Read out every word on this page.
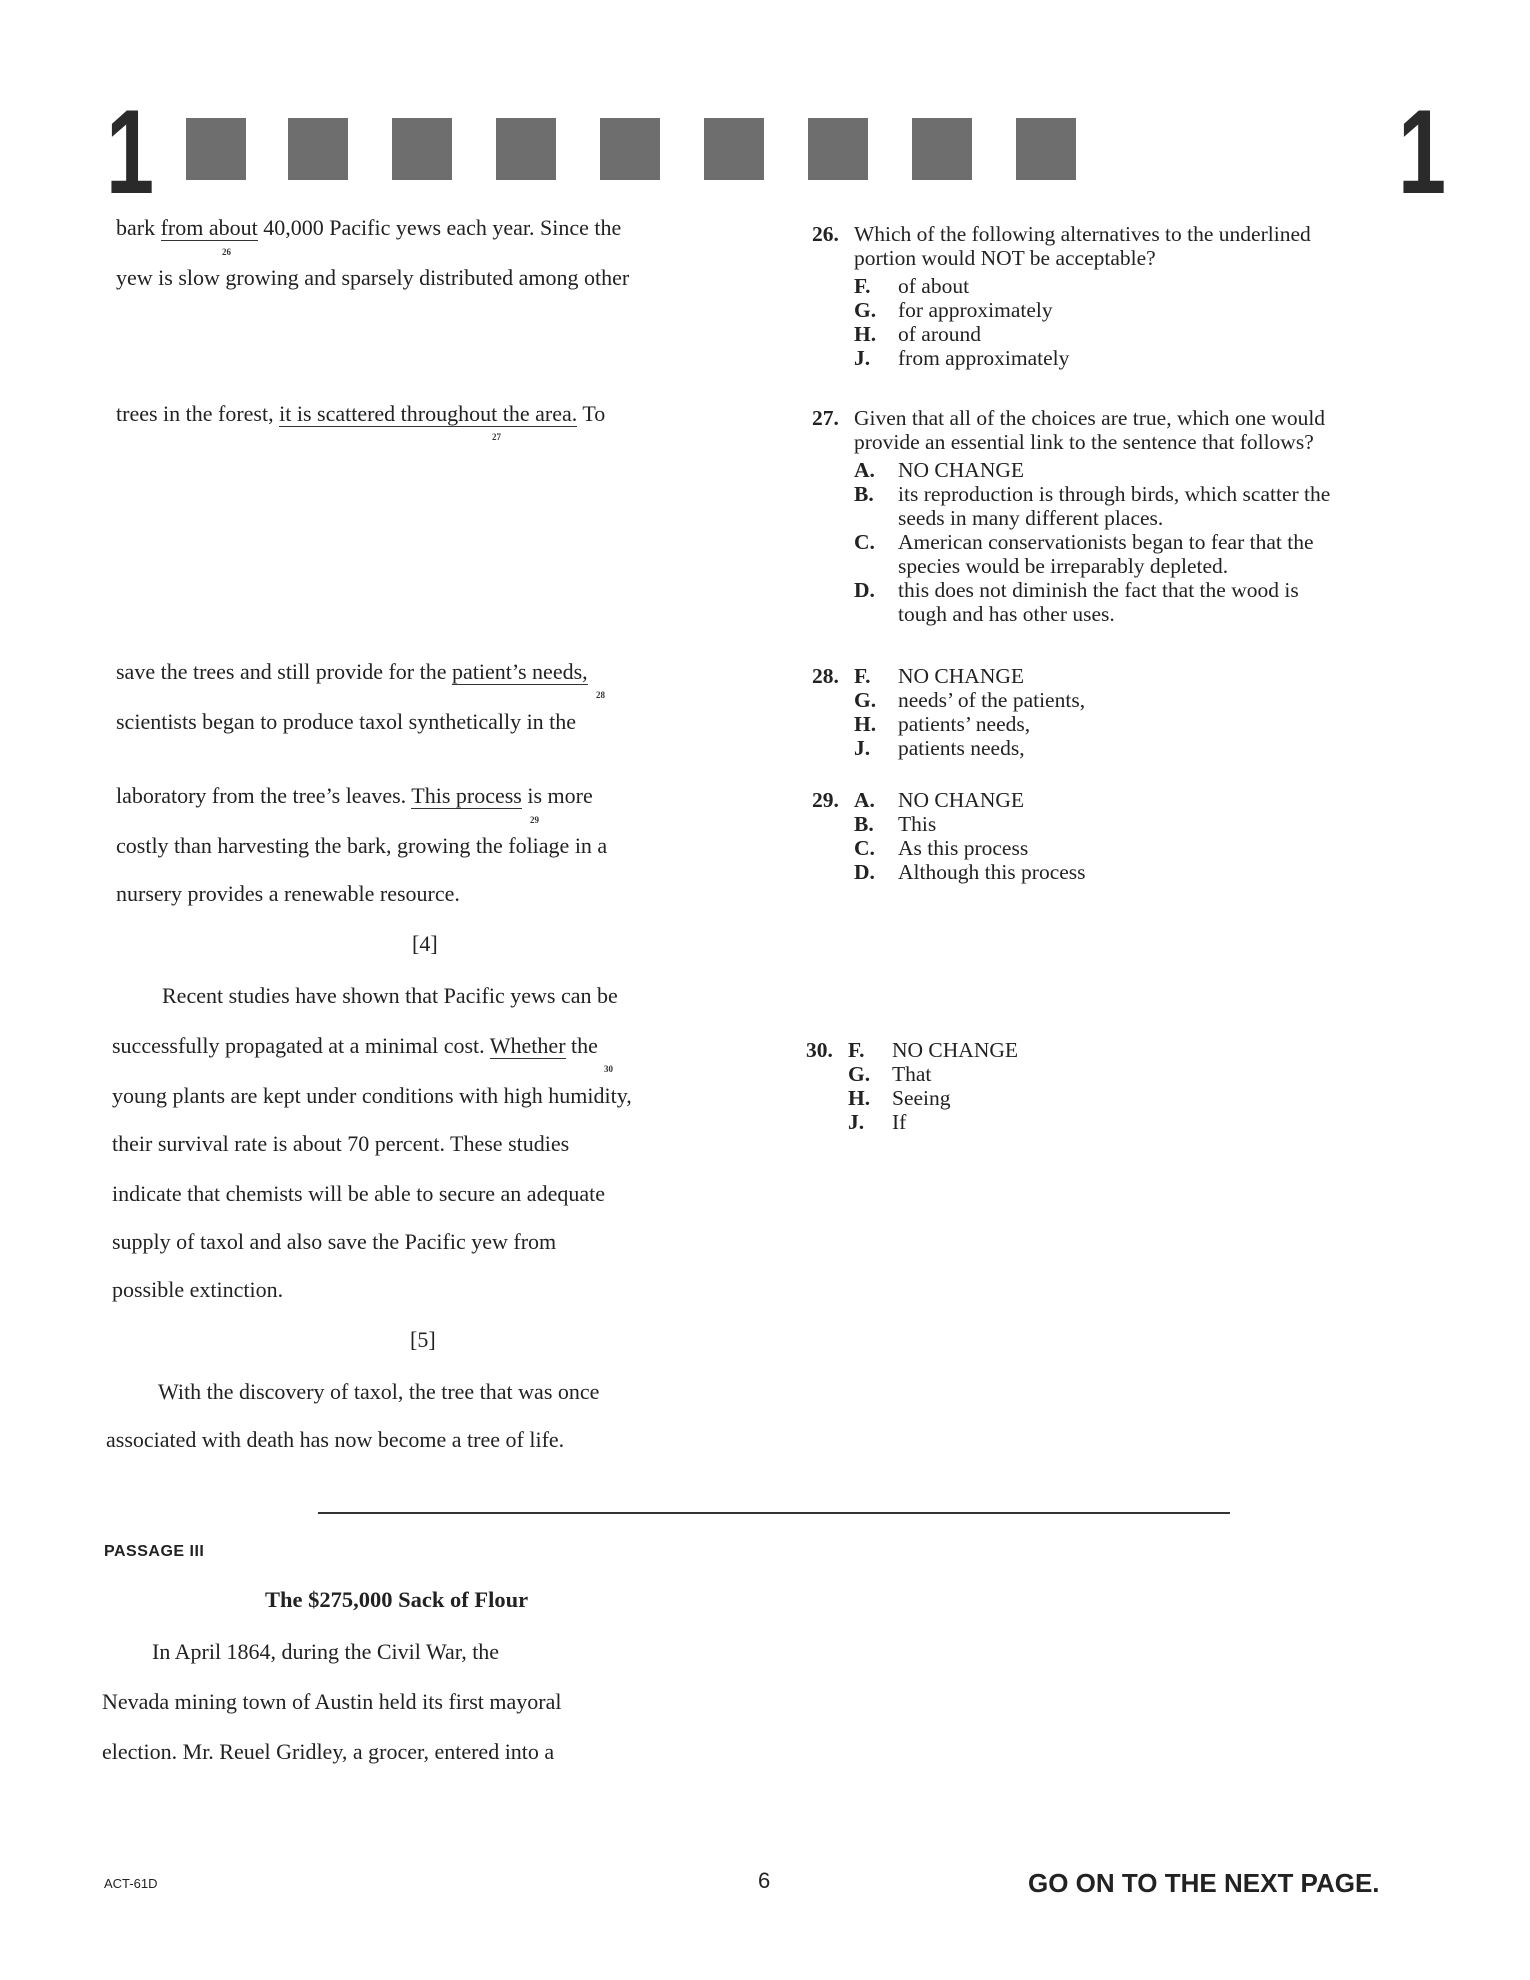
1	1
bark from about 40,000 Pacific yews each year. Since the
26
yew is slow growing and sparsely distributed among other
trees in the forest, it is scattered throughout the area. To
27
save the trees and still provide for the patient’s needs,
28
scientists began to produce taxol synthetically in the
laboratory from the tree’s leaves. This process is more
29
costly than harvesting the bark, growing the foliage in a
nursery provides a renewable resource.
[4]
Recent studies have shown that Pacific yews can be
successfully propagated at a minimal cost. Whether the
30
young plants are kept under conditions with high humidity,
their survival rate is about 70 percent. These studies
indicate that chemists will be able to secure an adequate
supply of taxol and also save the Pacific yew from
possible extinction.
[5]
With the discovery of taxol, the tree that was once
associated with death has now become a tree of life.
26. Which of the following alternatives to the underlined
portion would NOT be acceptable?
F.	of about
G.	for approximately
H.	of around
J.	from approximately
27. Given that all of the choices are true, which one would
provide an essential link to the sentence that follows?
A.	NO CHANGE
B.	its reproduction is through birds, which scatter the
seeds in many different places.
C.	American conservationists began to fear that the
species would be irreparably depleted.
D.	this does not diminish the fact that the wood is
tough and has other uses.
28. F.	NO CHANGE
G.	needs’ of the patients,
H.	patients’ needs,
J.	patients needs,
29. A.	NO CHANGE
B.	This
C.	As this process
D.	Although this process
30. F.	NO CHANGE
G.	That
H.	Seeing
J.	If
PASSAGE III
The $275,000 Sack of Flour
In April 1864, during the Civil War, the
Nevada mining town of Austin held its first mayoral
election. Mr. Reuel Gridley, a grocer, entered into a
ACT-61D	6	GO ON TO THE NEXT PAGE.
